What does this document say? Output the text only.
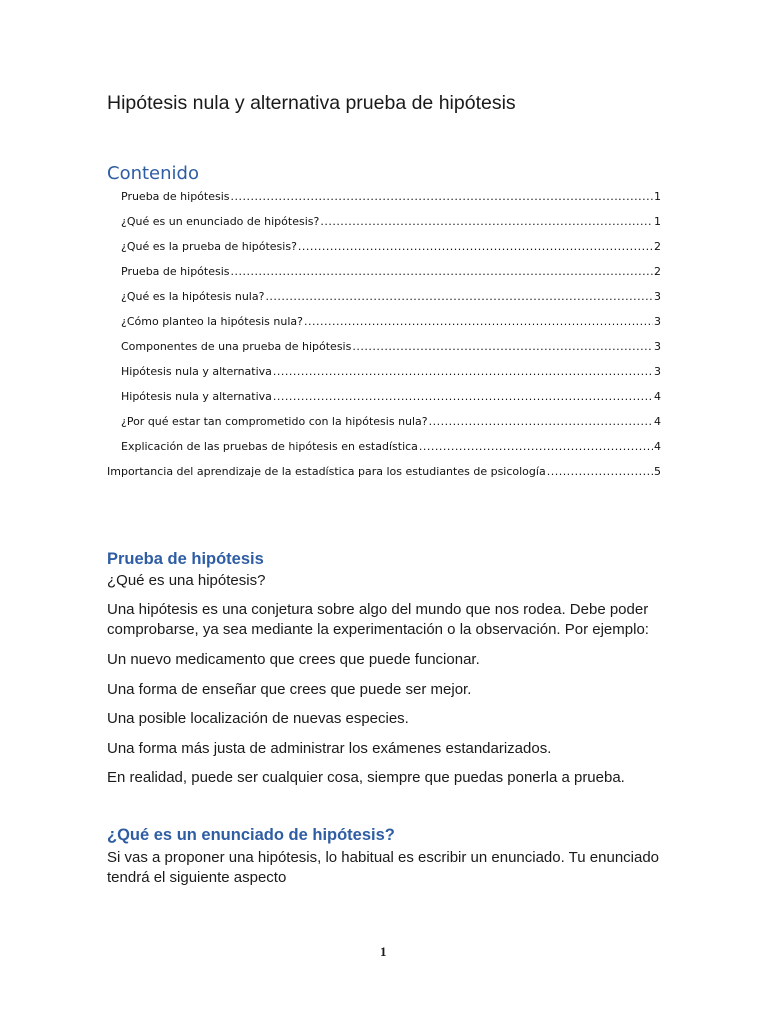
Hipótesis nula y alternativa prueba de hipótesis
Contenido
Prueba de hipótesis .....	1
¿Qué es un enunciado de hipótesis? .....	1
¿Qué es la prueba de hipótesis? .....	2
Prueba de hipótesis .....	2
¿Qué es la hipótesis nula? .....	3
¿Cómo planteo la hipótesis nula? .....	3
Componentes de una prueba de hipótesis .....	3
Hipótesis nula y alternativa .....	3
Hipótesis nula y alternativa .....	4
¿Por qué estar tan comprometido con la hipótesis nula? .....	4
Explicación de las pruebas de hipótesis en estadística .....	4
Importancia del aprendizaje de la estadística para los estudiantes de psicología .....	5
Prueba de hipótesis

¿Qué es una hipótesis?

Una hipótesis es una conjetura sobre algo del mundo que nos rodea. Debe poder comprobarse, ya sea mediante la experimentación o la observación. Por ejemplo:

Un nuevo medicamento que crees que puede funcionar.

Una forma de enseñar que crees que puede ser mejor.

Una posible localización de nuevas especies.

Una forma más justa de administrar los exámenes estandarizados.

En realidad, puede ser cualquier cosa, siempre que puedas ponerla a prueba.

¿Qué es un enunciado de hipótesis?

Si vas a proponer una hipótesis, lo habitual es escribir un enunciado. Tu enunciado tendrá el siguiente aspecto

1
